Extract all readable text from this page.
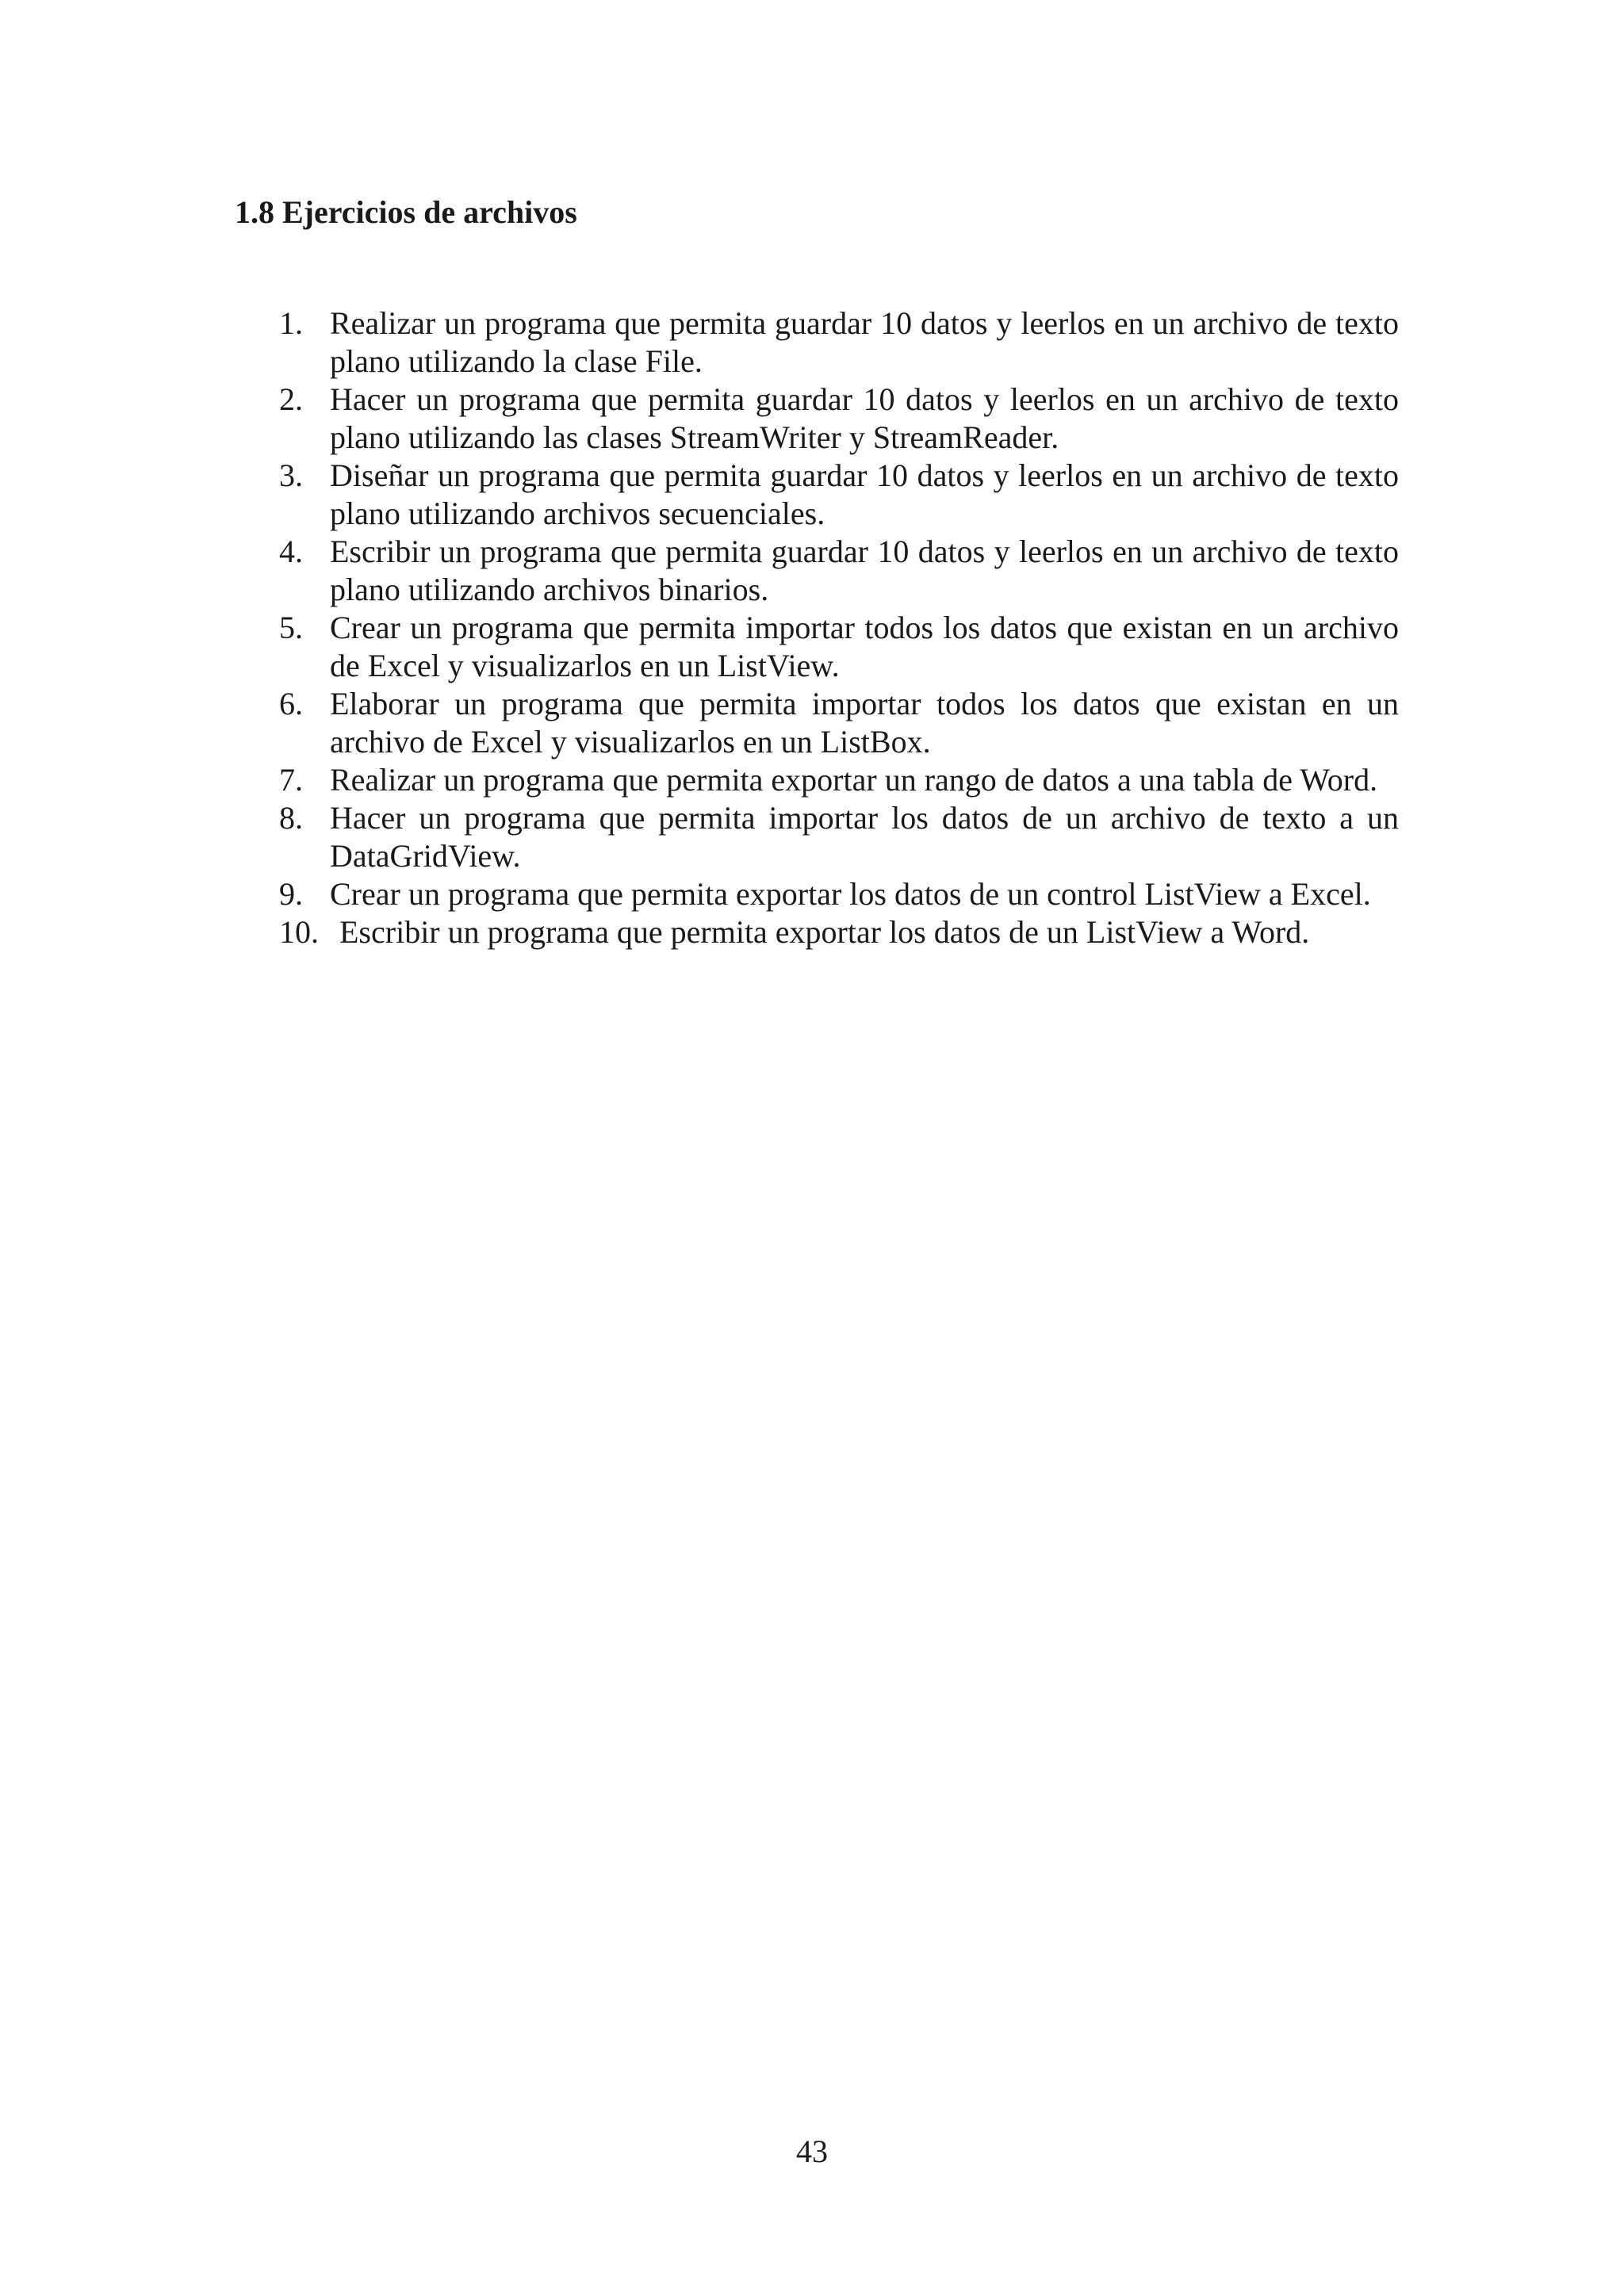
1.8 Ejercicios de archivos
1. Realizar un programa que permita guardar 10 datos y leerlos en un archivo de texto plano utilizando la clase File.
2. Hacer un programa que permita guardar 10 datos y leerlos en un archivo de texto plano utilizando las clases StreamWriter y StreamReader.
3. Diseñar un programa que permita guardar 10 datos y leerlos en un archivo de texto plano utilizando archivos secuenciales.
4. Escribir un programa que permita guardar 10 datos y leerlos en un archivo de texto plano utilizando archivos binarios.
5. Crear un programa que permita importar todos los datos que existan en un archivo de Excel y visualizarlos en un ListView.
6. Elaborar un programa que permita importar todos los datos que existan en un archivo de Excel y visualizarlos en un ListBox.
7. Realizar un programa que permita exportar un rango de datos a una tabla de Word.
8. Hacer un programa que permita importar los datos de un archivo de texto a un DataGridView.
9. Crear un programa que permita exportar los datos de un control ListView a Excel.
10. Escribir un programa que permita exportar los datos de un ListView a Word.

43
